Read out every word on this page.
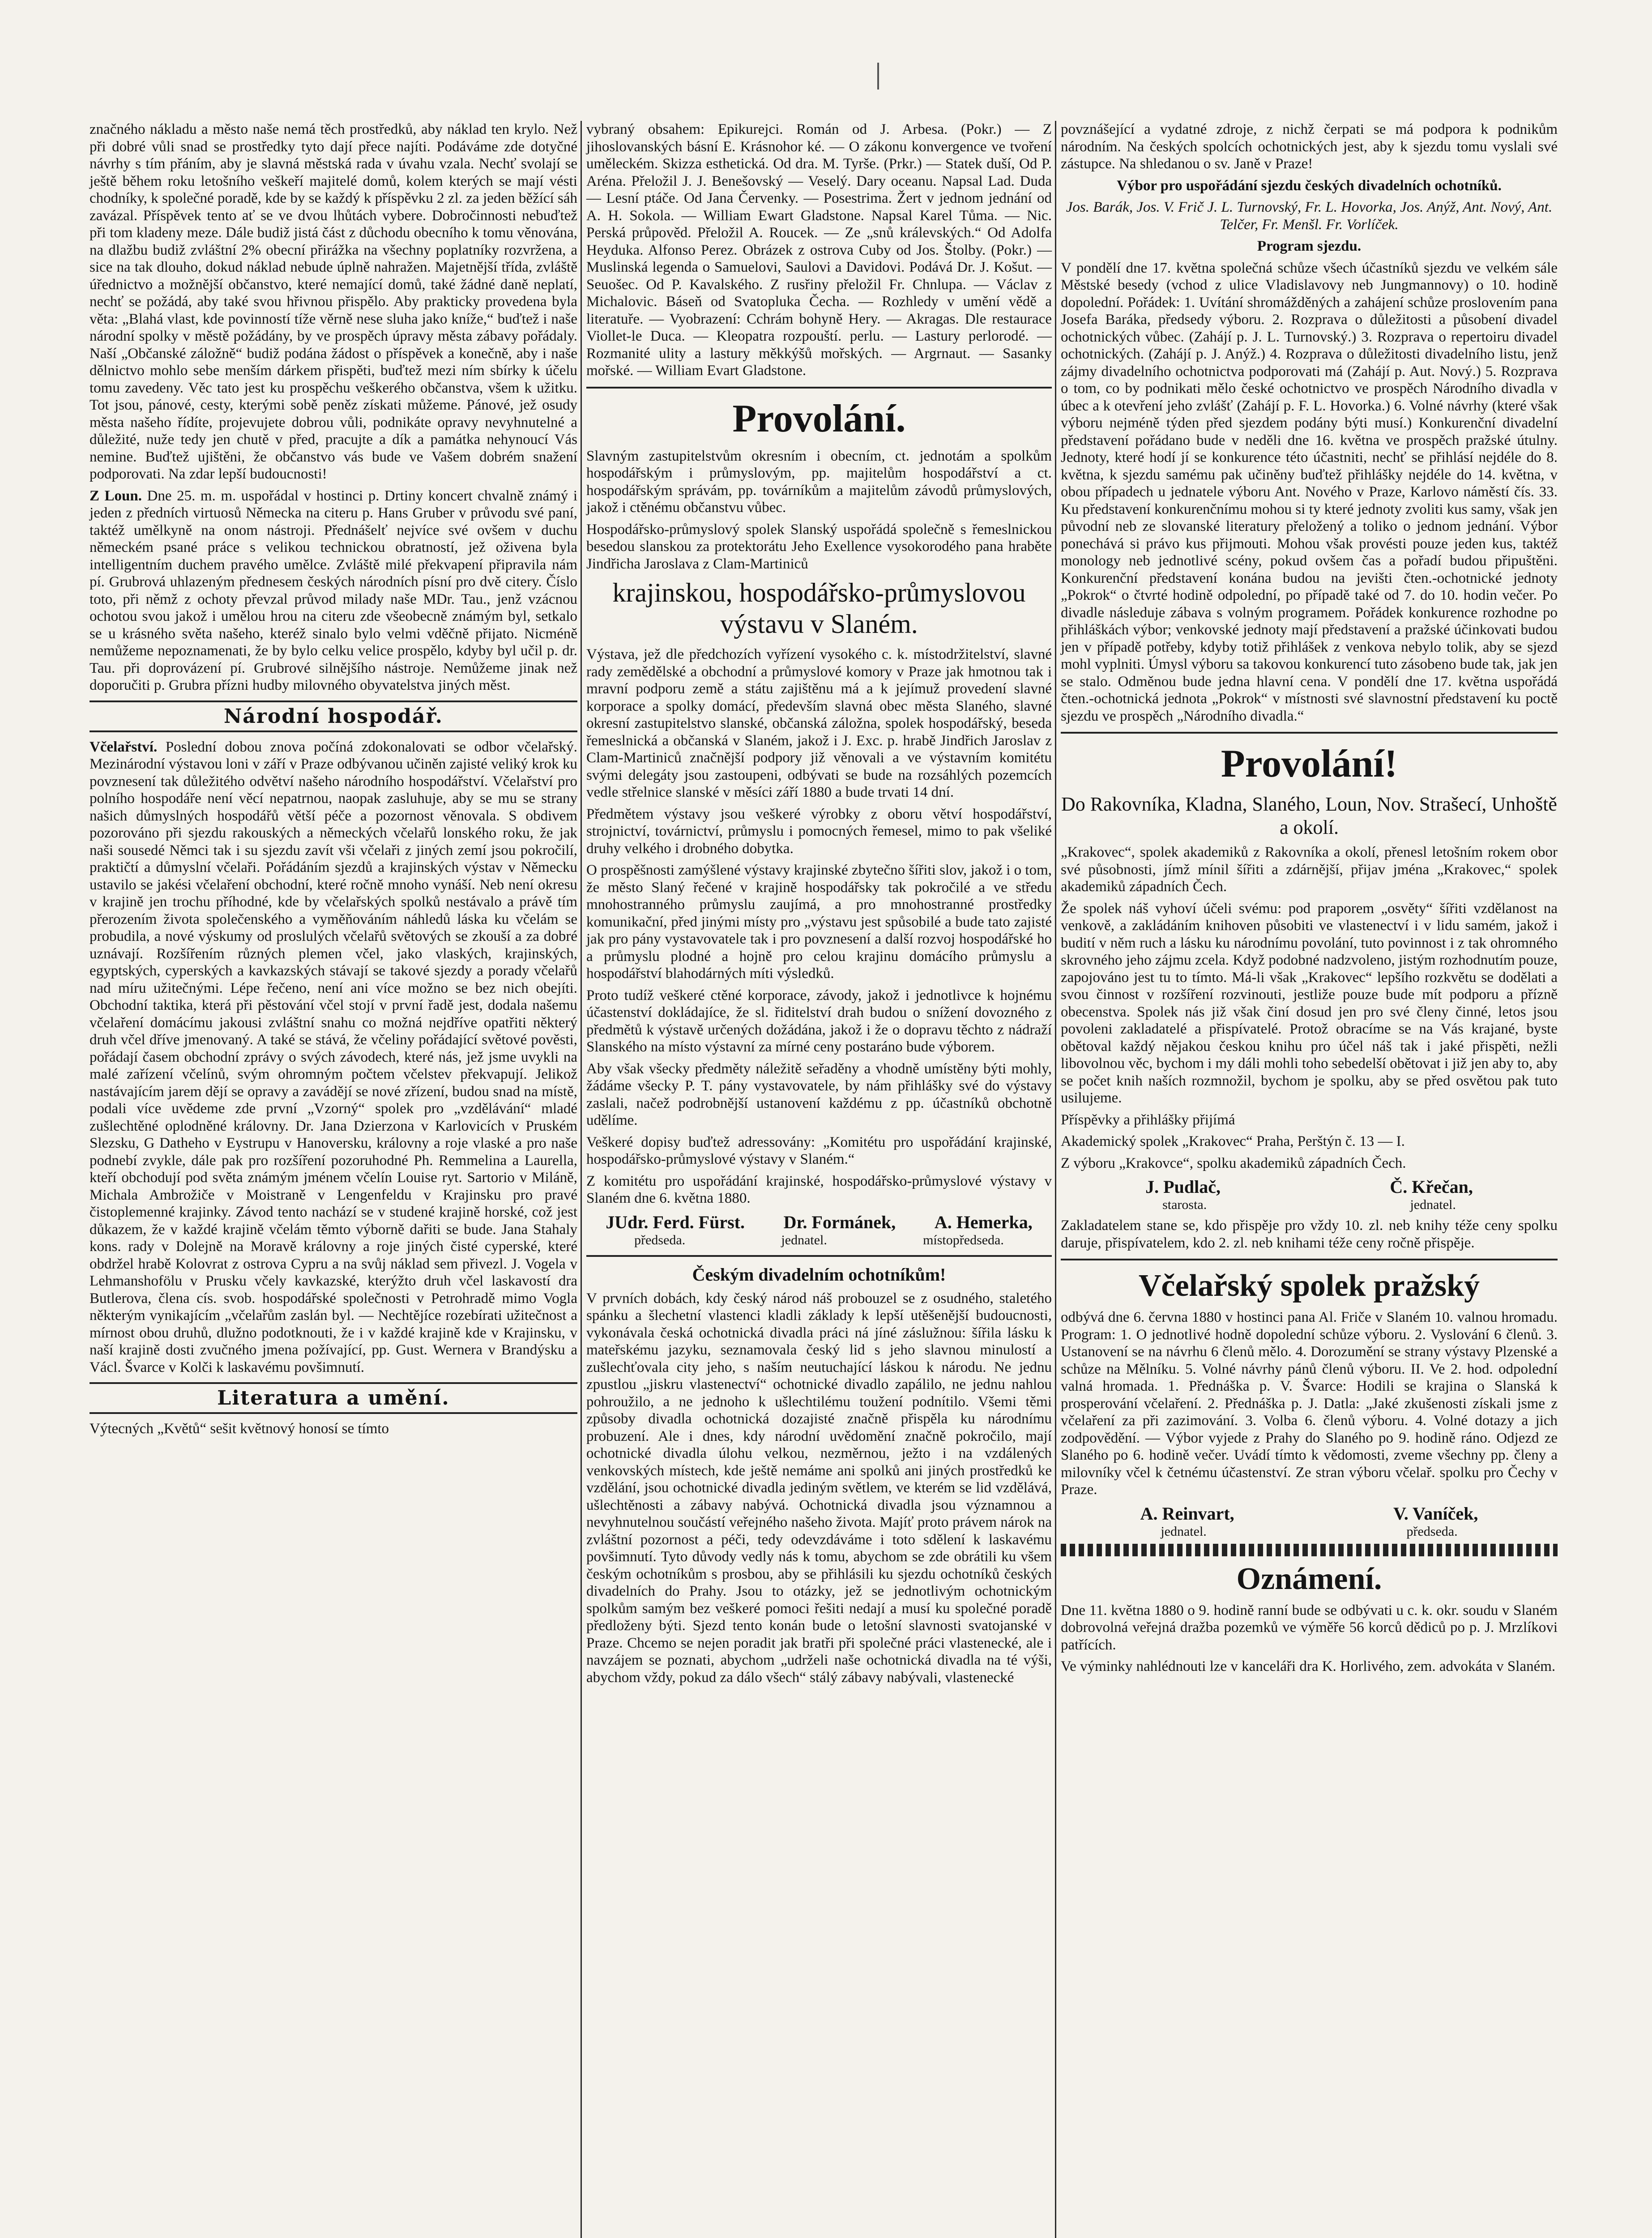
značného nákladu a město naše nemá těch prostředků, aby náklad ten krylo. Než při dobré vůli snad se prostředky tyto dají přece najíti. Podáváme zde dotyčné návrhy s tím přáním, aby je slavná městská rada v úvahu vzala. Nechť svolají se ještě během roku letošního veškeří majitelé domů, kolem kterých se mají vésti chodníky, k společné poradě, kde by se každý k příspěvku 2 zl. za jeden běžící sáh zavázal. Příspěvek tento ať se ve dvou lhůtách vybere. Dobročinnosti nebuďtež při tom kladeny meze. Dále budiž jistá část z důchodu obecního k tomu věnována, na dlažbu budiž zvláštní 2% obecní přirážka na všechny poplatníky rozvržena, a sice na tak dlouho, dokud náklad nebude úplně nahražen. Majetnější třída, zvláště úřednictvo a možnější občanstvo, které nemající domů, také žádné daně neplatí, nechť se požádá, aby také svou hřivnou přispělo. Aby prakticky provedena byla věta: „Blahá vlast, kde povinností tíže věrně nese sluha jako kníže,“ buďtež i naše národní spolky v městě požádány, by ve prospěch úpravy města zábavy pořádaly. Naší „Občanské záložně“ budiž podána žádost o příspěvek a konečně, aby i naše dělnictvo mohlo sebe menším dárkem přispěti, buďtež mezi ním sbírky k účelu tomu zavedeny. Věc tato jest ku prospěchu veškerého občanstva, všem k užitku. Tot jsou, pánové, cesty, kterými sobě peněz získati můžeme. Pánové, jež osudy města našeho řídíte, projevujete dobrou vůli, podnikáte opravy nevyhnutelné a důležité, nuže tedy jen chutě v před, pracujte a dík a památka nehynoucí Vás nemine. Buďtež ujištěni, že občanstvo vás bude ve Vašem dobrém snažení podporovati. Na zdar lepší budoucnosti!

Z Loun. Dne 25. m. m. uspořádal v hostinci p. Drtiny koncert chvalně známý i jeden z předních virtuosů Německa na citeru p. Hans Gruber v průvodu své paní, taktéž umělkyně na onom nástroji. Přednášelť nejvíce své ovšem v duchu německém psané práce s velikou technickou obratností, jež oživena byla intelligentním duchem pravého umělce. Zvláště milé překvapení připravila nám pí. Grubrová uhlazeným přednesem českých národních písní pro dvě citery. Číslo toto, při němž z ochoty převzal průvod milady naše MDr. Tau., jenž vzácnou ochotou svou jakož i umělou hrou na citeru zde všeobecně známým byl, setkalo se u krásného světa našeho, kteréž sinalo bylo velmi vděčně přijato. Nicméně nemůžeme nepoznamenati, že by bylo celku velice prospělo, kdyby byl učil p. dr. Tau. při doprovázení pí. Grubrové silnějšího nástroje. Nemůžeme jinak než doporučiti p. Grubra přízni hudby milovného obyvatelstva jiných měst.

Národní hospodář.

Včelařství. Poslední dobou znova počíná zdokonalovati se odbor včelařský. Mezinárodní výstavou loni v září v Praze odbývanou učiněn zajisté veliký krok ku povznesení tak důležitého odvětví našeho národního hospodářství. Včelařství pro polního hospodáře není věcí nepatrnou, naopak zasluhuje, aby se mu se strany našich důmyslných hospodářů větší péče a pozornost věnovala. S obdivem pozorováno při sjezdu rakouských a německých včelařů lonského roku, že jak naši sousedé Němci tak i su sjezdu zavít vši včelaři z jiných zemí jsou pokročilí, praktičtí a důmyslní včelaři. Pořádáním sjezdů a krajinských výstav v Německu ustavilo se jakési včelaření obchodní, které ročně mnoho vynáší. Neb není okresu v krajině jen trochu příhodné, kde by včelařských spolků nestávalo a právě tím přerozením života společenského a vyměňováním náhledů láska ku včelám se probudila, a nové výskumy od proslulých včelařů světových se zkouší a za dobré uznávají. Rozšířením různých plemen včel, jako vlaských, krajinských, egyptských, cyperských a kavkazských stávají se takové sjezdy a porady včelařů nad míru užitečnými. Lépe řečeno, není ani více možno se bez nich obejíti. Obchodní taktika, která při pěstování včel stojí v první řadě jest, dodala našemu včelaření domácímu jakousi zvláštní snahu co možná nejdříve opatřiti některý druh včel dříve jmenovaný. A také se stává, že včeliny pořádající světové pověsti, pořádají časem obchodní zprávy o svých závodech, které nás, jež jsme uvykli na malé zařízení včelínů, svým ohromným počtem včelstev překvapují. Jelikož nastávajícím jarem dějí se opravy a zavádějí se nové zřízení, budou snad na místě, podali více uvědeme zde první „Vzorný“ spolek pro „vzdělávání“ mladé zušlechtěné oplodněné královny. Dr. Jana Dzierzona v Karlovicích v Pruském Slezsku, G Datheho v Eystrupu v Hanoversku, královny a roje vlaské a pro naše podnebí zvykle, dále pak pro rozšíření pozoruhodné Ph. Remmelina a Laurella, kteří obchodují pod světa známým jménem včelín Louise ryt. Sartorio v Miláně, Michala Ambrožiče v Moistraně v Lengenfeldu v Krajinsku pro pravé čistoplemenné krajinky. Závod tento nachází se v studené krajině horské, což jest důkazem, že v každé krajině včelám těmto výborně dařiti se bude. Jana Stahaly kons. rady v Dolejně na Moravě královny a roje jiných čisté cyperské, které obdržel hrabě Kolovrat z ostrova Cypru a na svůj náklad sem přivezl. J. Vogela v Lehmanshofölu v Prusku včely kavkazské, kterýžto druh včel laskavostí dra Butlerova, člena cís. svob. hospodářské společnosti v Petrohradě mimo Vogla některým vynikajícím „včelařům zaslán byl. — Nechtějíce rozebírati užitečnost a mírnost obou druhů, dlužno podotknouti, že i v každé krajině kde v Krajinsku, v naší krajině dosti zvučného jmena požívající, pp. Gust. Wernera v Brandýsku a Václ. Švarce v Kolči k laskavému povšimnutí.

Literatura a umění.

Výtecných „Květů“ sešit květnový honosí se tímto

vybraný obsahem: Epikurejci. Román od J. Arbesa. (Pokr.) — Z jihoslovanských básní E. Krásnohor ké. — O zákonu konvergence ve tvoření uměleckém. Skizza esthetická. Od dra. M. Tyrše. (Prkr.) — Statek duší, Od P. Aréna. Přeložil J. J. Benešovský — Veselý. Dary oceanu. Napsal Lad. Duda — Lesní ptáče. Od Jana Červenky. — Posestrima. Žert v jednom jednání od A. H. Sokola. — William Ewart Gladstone. Napsal Karel Tůma. — Nic. Perská průpověd. Přeložil A. Roucek. — Ze „snů králevských.“ Od Adolfa Heyduka. Alfonso Perez. Obrázek z ostrova Cuby od Jos. Štolby. (Pokr.) — Muslinská legenda o Samuelovi, Saulovi a Davidovi. Podává Dr. J. Košut. — Seuošec. Od P. Kavalského. Z rusřiny přeložil Fr. Chnlupa. — Václav z Michalovic. Báseň od Svatopluka Čecha. — Rozhledy v umění vědě a literatuře. — Vyobrazení: Cchrám bohyně Hery. — Akragas. Dle restaurace Viollet-le Duca. — Kleopatra rozpouští. perlu. — Lastury perlorodé. — Rozmanité ulity a lastury měkkýšů mořských. — Argrnaut. — Sasanky mořské. — William Evart Gladstone.

Provolání.

Slavným zastupitelstvům okresním i obecním, ct. jednotám a spolkům hospodářským i průmyslovým, pp. majitelům hospodářství a ct. hospodářským správám, pp. továrníkům a majitelům závodů průmyslových, jakož i ctěnému občanstvu vůbec.

Hospodářsko-průmyslový spolek Slanský uspořádá společně s řemeslnickou besedou slanskou za protektorátu Jeho Exellence vysokorodého pana hraběte Jindřicha Jaroslava z Clam-Martiniců

krajinskou, hospodářsko-průmyslovou výstavu v Slaném.

Výstava, jež dle předchozích vyřízení vysokého c. k. místodržitelství, slavné rady zemědělské a obchodní a průmyslové komory v Praze jak hmotnou tak i mravní podporu země a státu zajištěnu má a k jejímuž provedení slavné korporace a spolky domácí, především slavná obec města Slaného, slavné okresní zastupitelstvo slanské, občanská záložna, spolek hospodářský, beseda řemeslnická a občanská v Slaném, jakož i J. Exc. p. hrabě Jindřich Jaroslav z Clam-Martiniců značnější podpory již věnovali a ve výstavním komitétu svými delegáty jsou zastoupeni, odbývati se bude na rozsáhlých pozemcích vedle střelnice slanské v měsíci září 1880 a bude trvati 14 dní.

Předmětem výstavy jsou veškeré výrobky z oboru větví hospodářství, strojnictví, továrnictví, průmyslu i pomocných řemesel, mimo to pak všeliké druhy velkého i drobného dobytka.

O prospěšnosti zamýšlené výstavy krajinské zbytečno šířiti slov, jakož i o tom, že město Slaný řečené v krajině hospodářsky tak pokročilé a ve středu mnohostranného průmyslu zaujímá, a pro mnohostranné prostředky komunikační, před jinými místy pro „výstavu jest spůsobilé a bude tato zajisté jak pro pány vystavovatele tak i pro povznesení a další rozvoj hospodářské ho a průmyslu plodné a hojně pro celou krajinu domácího průmyslu a hospodářství blahodárných míti výsledků.

Proto tudíž veškeré ctěné korporace, závody, jakož i jednotlivce k hojnému účastenství dokládajíce, že sl. řiditelství drah budou o snížení dovozného z předmětů k výstavě určených dožádána, jakož i že o dopravu těchto z nádraží Slanského na místo výstavní za mírné ceny postaráno bude výborem.

Aby však všecky předměty náležitě seřaděny a vhodně umístěny býti mohly, žádáme všecky P. T. pány vystavovatele, by nám přihlášky své do výstavy zaslali, načež podrobnější ustanovení každému z pp. účastníků obchotně udělíme.

Veškeré dopisy buďtež adressovány: „Komitétu pro uspořádání krajinské, hospodářsko-průmyslové výstavy v Slaném.“

Z komitétu pro uspořádání krajinské, hospodářsko-průmyslové výstavy v Slaném dne 6. května 1880.

JUdr. Ferd. Fürst. Dr. Formánek, A. Hemerka,
předseda.	jednatel.	místopředseda.

Českým divadelním ochotníkům!

V prvních dobách, kdy český národ náš probouzel se z osudného, staletého spánku a šlechetní vlastenci kladli základy k lepší utěšenější budoucnosti, vykonávala česká ochotnická divadla práci ná jíné záslužnou: šířila lásku k mateřskému jazyku, seznamovala český lid s jeho slavnou minulostí a zušlechťovala city jeho, s naším neutuchající láskou k národu. Ne jednu zpustlou „jiskru vlastenectví“ ochotnické divadlo zapálilo, ne jednu nahlou pohroužilo, a ne jednoho k ušlechtilému toužení podnítilo. Všemi těmi způsoby divadla ochotnická dozajisté značně přispěla ku národnímu probuzení. Ale i dnes, kdy národní uvědomění značně pokročilo, mají ochotnické divadla úlohu velkou, nezměrnou, ježto i na vzdálených venkovských místech, kde ještě nemáme ani spolků ani jiných prostředků ke vzdělání, jsou ochotnické divadla jediným světlem, ve kterém se lid vzdělává, ušlechtěnosti a zábavy nabývá. Ochotnická divadla jsou významnou a nevyhnutelnou součástí veřejného našeho života. Majíť proto právem nárok na zvláštní pozornost a péči, tedy odevzdáváme i toto sdělení k laskavému povšimnutí. Tyto důvody vedly nás k tomu, abychom se zde obrátili ku všem českým ochotníkům s prosbou, aby se přihlásili ku sjezdu ochotníků českých divadelních do Prahy. Jsou to otázky, jež se jednotlivým ochotnickým spolkům samým bez veškeré pomoci řešiti nedají a musí ku společné poradě předloženy býti. Sjezd tento konán bude o letošní slavnosti svatojanské v Praze. Chcemo se nejen poradit jak bratři při společné práci vlastenecké, ale i navzájem se poznati, abychom „udrželi naše ochotnická divadla na té výši, abychom vždy, pokud za dálo všech“ stálý zábavy nabývali, vlastenecké

povznášející a vydatné zdroje, z nichž čerpati se má podpora k podnikům národním. Na českých spolcích ochotnických jest, aby k sjezdu tomu vyslali své zástupce. Na shledanou o sv. Janě v Praze!

Výbor pro uspořádání sjezdu českých divadelních ochotníků.

Jos. Barák, Jos. V. Frič J. L. Turnovský, Fr. L. Hovorka, Jos. Anýž, Ant. Nový, Ant. Telčer, Fr. Menšl. Fr. Vorlíček.

Program sjezdu.

V pondělí dne 17. května společná schůze všech účastníků sjezdu ve velkém sále Městské besedy (vchod z ulice Vladislavovy neb Jungmannovy) o 10. hodině dopolední. Pořádek: 1. Uvítání shromážděných a zahájení schůze proslovením pana Josefa Baráka, předsedy výboru. 2. Rozprava o důležitosti a působení divadel ochotnických vůbec. (Zahájí p. J. L. Turnovský.) 3. Rozprava o repertoiru divadel ochotnických. (Zahájí p. J. Anýž.) 4. Rozprava o důležitosti divadelního listu, jenž zájmy divadelního ochotnictva podporovati má (Zahájí p. Aut. Nový.) 5. Rozprava o tom, co by podnikati mělo české ochotnictvo ve prospěch Národního divadla v úbec a k otevření jeho zvlášť (Zahájí p. F. L. Hovorka.) 6. Volné návrhy (které však výboru nejméně týden před sjezdem podány býti musí.) Konkurenční divadelní představení pořádano bude v neděli dne 16. května ve prospěch pražské útulny. Jednoty, které hodí jí se konkurence této účastniti, nechť se přihlásí nejdéle do 8. května, k sjezdu samému pak učiněny buďtež přihlášky nejdéle do 14. května, v obou případech u jednatele výboru Ant. Nového v Praze, Karlovo náměstí čís. 33. Ku představení konkurenčnímu mohou si ty které jednoty zvoliti kus samy, však jen původní neb ze slovanské literatury přeložený a toliko o jednom jednání. Výbor ponechává si právo kus přijmouti. Mohou však provésti pouze jeden kus, taktéž monology neb jednotlivé scény, pokud ovšem čas a pořadí budou připuštěni. Konkurenční představení konána budou na jevišti čten.-ochotnické jednoty „Pokrok“ o čtvrté hodině odpolední, po případě také od 7. do 10. hodin večer. Po divadle následuje zábava s volným programem. Pořádek konkurence rozhodne po přihláškách výbor; venkovské jednoty mají představení a pražské účinkovati budou jen v případě potřeby, kdyby totiž přihlášek z venkova nebylo tolik, aby se sjezd mohl vyplniti. Úmysl výboru sa takovou konkurencí tuto zásobeno bude tak, jak jen se stalo. Odměnou bude jedna hlavní cena. V pondělí dne 17. května uspořádá čten.-ochotnická jednota „Pokrok“ v místnosti své slavnostní představení ku poctě sjezdu ve prospěch „Národního divadla.“

Provolání!

Do Rakovníka, Kladna, Slaného, Loun, Nov. Strašecí, Unhoště a okolí.

„Krakovec“, spolek akademiků z Rakovníka a okolí, přenesl letošním rokem obor své působnosti, jímž mínil šířiti a zdárnější, přijav jména „Krakovec,“ spolek akademiků západních Čech.

Že spolek náš vyhoví účeli svému: pod praporem „osvěty“ šířiti vzdělanost na venkově, a zakládáním knihoven působiti ve vlastenectví i v lidu samém, jakož i budití v něm ruch a lásku ku národnímu povolání, tuto povinnost i z tak ohromného skrovného jeho zájmu zcela. Když podobné nadzvoleno, jistým rozhodnutím pouze, zapojováno jest tu to tímto. Má-li však „Krakovec“ lepšího rozkvětu se dodělati a svou činnost v rozšíření rozvinouti, jestliže pouze bude mít podporu a přízně obecenstva. Spolek nás již však činí dosud jen pro své členy činné, letos jsou povoleni zakladatelé a přispívatelé. Protož obracíme se na Vás krajané, byste obětoval každý nějakou českou knihu pro účel náš tak i jaké přispěti, nežli libovolnou věc, bychom i my dáli mohli toho sebedelší obětovat i již jen aby to, aby se počet knih naších rozmnožil, bychom je spolku, aby se před osvětou pak tuto usilujeme.

Příspěvky a přihlášky přijímá

Akademický spolek „Krakovec“ Praha, Perštýn č. 13 — I.

Z výboru „Krakovce“, spolku akademiků západních Čech.

J. Pudlač,	Č. Křečan,
starosta.	jednatel.

Zakladatelem stane se, kdo přispěje pro vždy 10. zl. neb knihy téže ceny spolku daruje, přispívatelem, kdo 2. zl. neb knihami téže ceny ročně přispěje.

Včelařský spolek pražský

odbývá dne 6. června 1880 v hostinci pana Al. Friče v Slaném 10. valnou hromadu. Program: 1. O jednotlivé hodně dopolední schůze výboru. 2. Vyslování 6 členů. 3. Ustanovení se na návrhu 6 členů mělo. 4. Dorozumění se strany výstavy Plzenské a schůze na Mělníku. 5. Volné návrhy pánů členů výboru. II. Ve 2. hod. odpolední valná hromada. 1. Přednáška p. V. Švarce: Hodili se krajina o Slanská k prosperování včelaření. 2. Přednáška p. J. Datla: „Jaké zkušenosti získali jsme z včelaření za při zazimování. 3. Volba 6. členů výboru. 4. Volné dotazy a jich zodpovědění. — Výbor vyjede z Prahy do Slaného po 9. hodině ráno. Odjezd ze Slaného po 6. hodině večer. Uvádí tímto k vědomosti, zveme všechny pp. členy a milovníky včel k četnému účastenství. Ze stran výboru včelař. spolku pro Čechy v Praze.

A. Reinvart,	V. Vaníček,
jednatel.	předseda.
Oznámení.

Dne 11. května 1880 o 9. hodině ranní bude se odbývati u c. k. okr. soudu v Slaném dobrovolná veřejná dražba pozemků ve výměře 56 korců dědiců po p. J. Mrzlíkovi patřících.

Ve výminky nahlédnouti lze v kanceláři dra K. Horlivého, zem. advokáta v Slaném.
